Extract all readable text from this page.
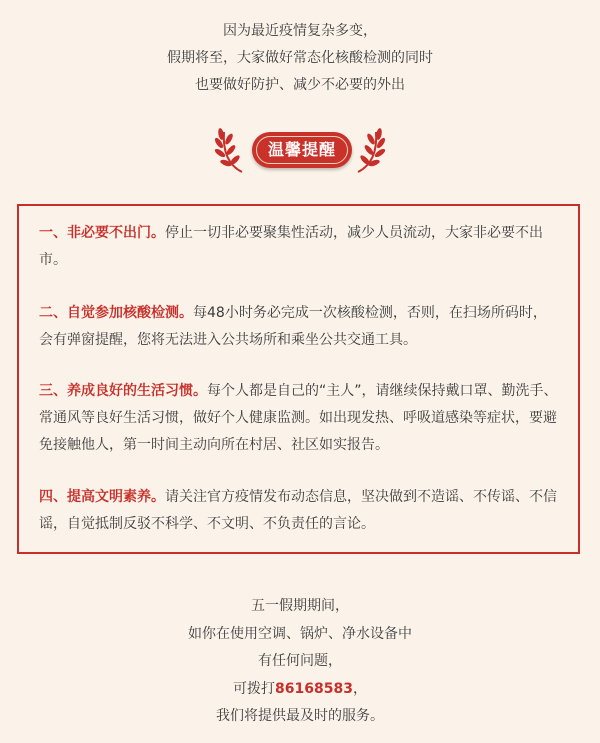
因为最近疫情复杂多变，

假期将至，大家做好常态化核酸检测的同时

也要做好防护、减少不必要的外出

温馨提醒

一、非必要不出门。停止一切非必要聚集性活动，减少人员流动，大家非必要不出市。

二、自觉参加核酸检测。每48小时务必完成一次核酸检测，否则，在扫场所码时，会有弹窗提醒，您将无法进入公共场所和乘坐公共交通工具。

三、养成良好的生活习惯。每个人都是自己的“主人”，请继续保持戴口罩、勤洗手、常通风等良好生活习惯，做好个人健康监测。如出现发热、呼吸道感染等症状，要避免接触他人，第一时间主动向所在村居、社区如实报告。

四、提高文明素养。请关注官方疫情发布动态信息，坚决做到不造谣、不传谣、不信谣，自觉抵制反驳不科学、不文明、不负责任的言论。

五一假期期间，

如你在使用空调、锅炉、净水设备中

有任何问题，

可拨打86168583，

我们将提供最及时的服务。
